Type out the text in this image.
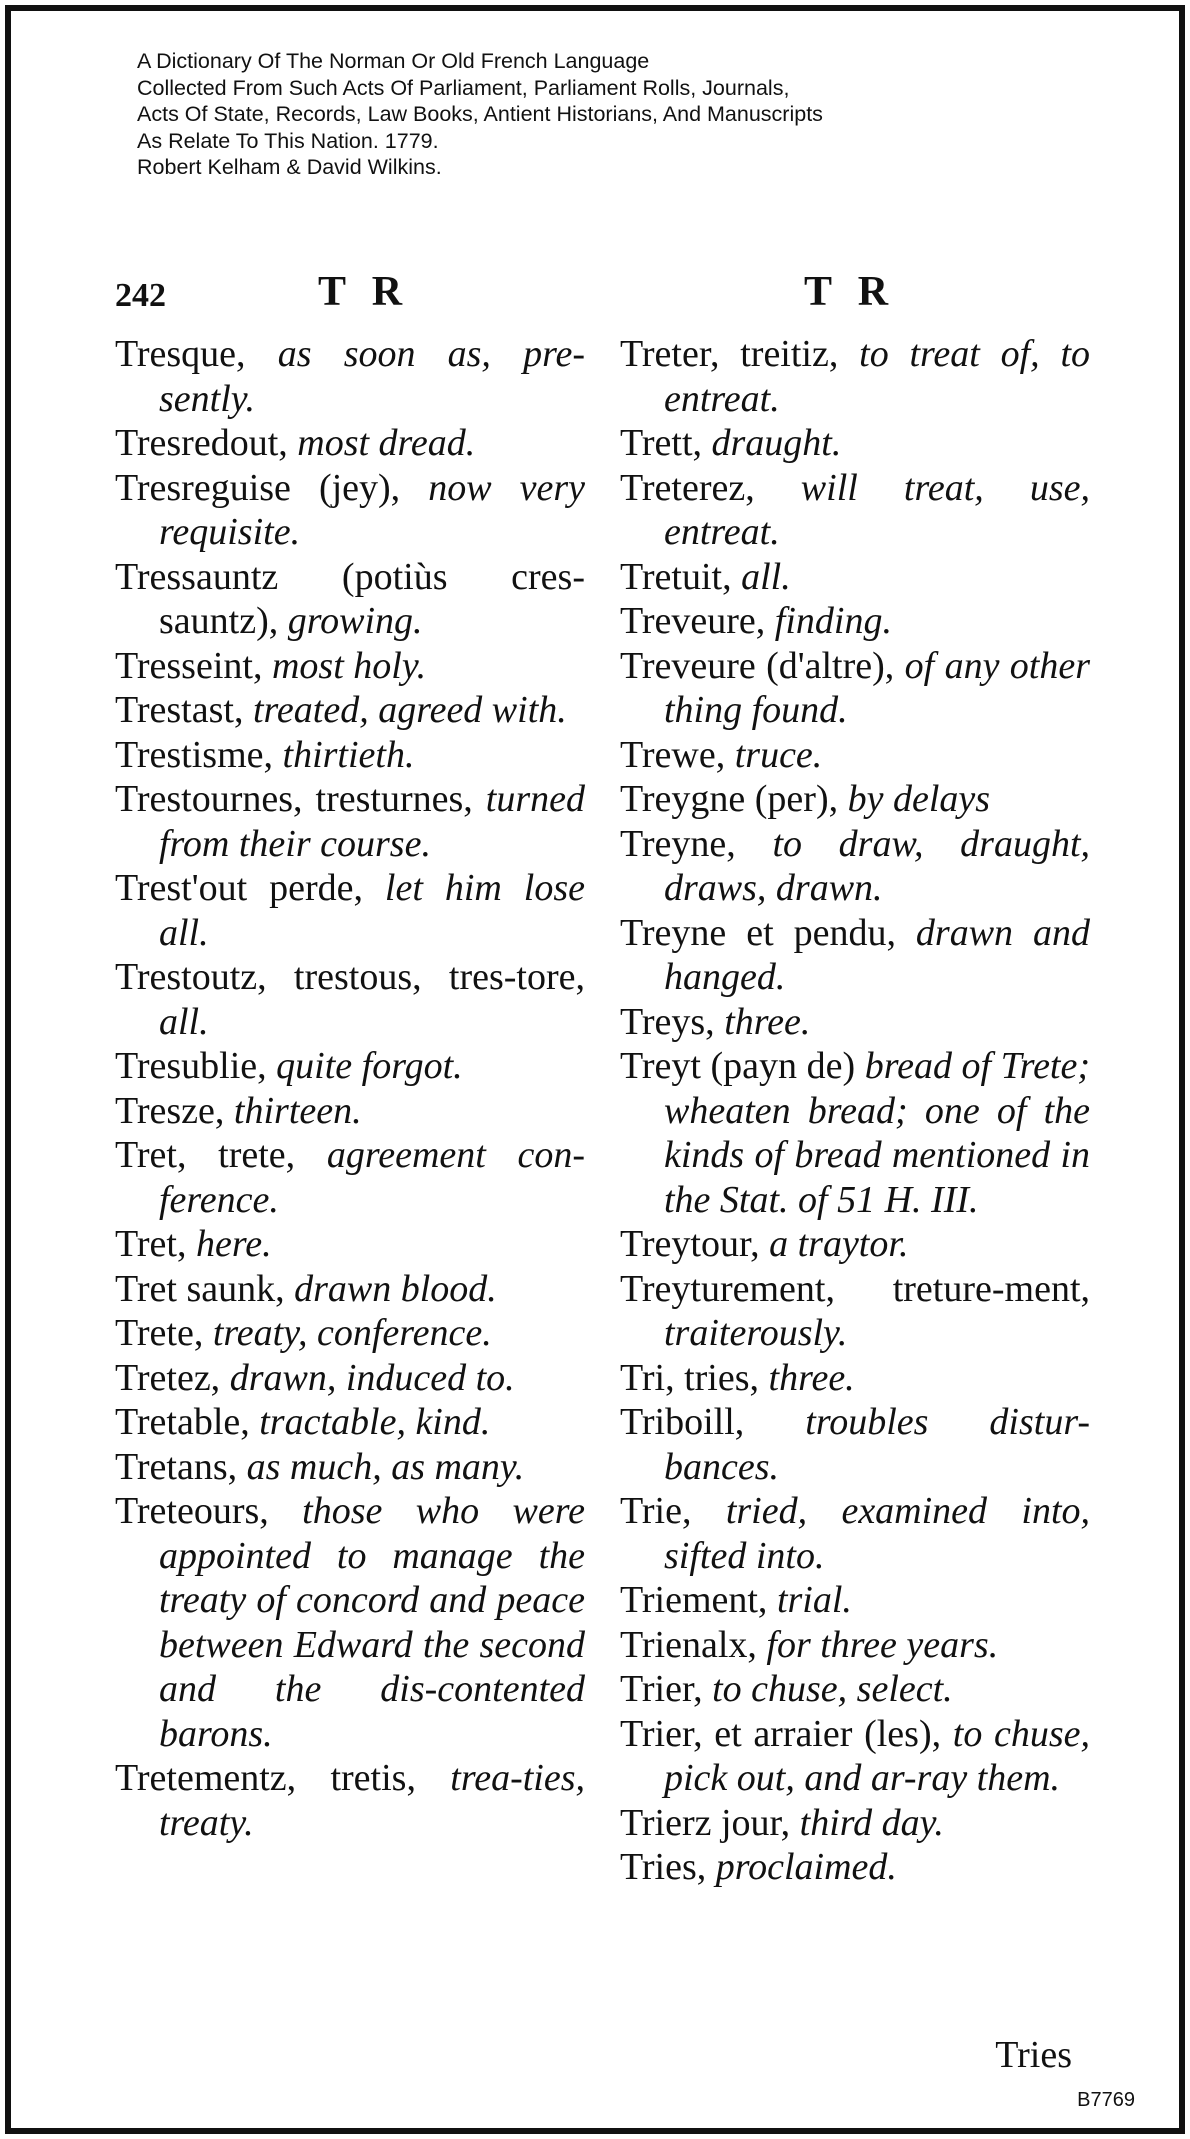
A Dictionary Of The Norman Or Old French Language
Collected From Such Acts Of Parliament, Parliament Rolls, Journals,
Acts Of State, Records, Law Books, Antient Historians, And Manuscripts
As Relate To This Nation. 1779.
Robert Kelham & David Wilkins.
242	T R	T R
Tresque, as soon as, pre-sently.
Tresredout, most dread.
Tresreguise (jey), now very requisite.
Tressauntz (potiùs cres-sauntz), growing.
Tresseint, most holy.
Trestast, treated, agreed with.
Trestisme, thirtieth.
Trestournes, tresturnes, turned from their course.
Trest'out perde, let him lose all.
Trestoutz, trestous, tres-tore, all.
Tresublie, quite forgot.
Tresze, thirteen.
Tret, trete, agreement con-ference.
Tret, here.
Tret saunk, drawn blood.
Trete, treaty, conference.
Tretez, drawn, induced to.
Tretable, tractable, kind.
Tretans, as much, as many.
Treteours, those who were appointed to manage the treaty of concord and peace between Edward the second and the dis-contented barons.
Tretementz, tretis, trea-ties, treaty.
Treter, treitiz, to treat of, to entreat.
Trett, draught.
Treterez, will treat, use, entreat.
Tretuit, all.
Treveure, finding.
Treveure (d'altre), of any other thing found.
Trewe, truce.
Treygne (per), by delays
Treyne, to draw, draught, draws, drawn.
Treyne et pendu, drawn and hanged.
Treys, three.
Treyt (payn de) bread of Trete; wheaten bread; one of the kinds of bread mentioned in the Stat. of 51 H. III.
Treytour, a traytor.
Treyturement, treture-ment, traiterously.
Tri, tries, three.
Triboill, troubles distur-bances.
Trie, tried, examined into, sifted into.
Triement, trial.
Trienalx, for three years.
Trier, to chuse, select.
Trier, et arraier (les), to chuse, pick out, and ar-ray them.
Trierz jour, third day.
Tries, proclaimed.
Tries
B7769
